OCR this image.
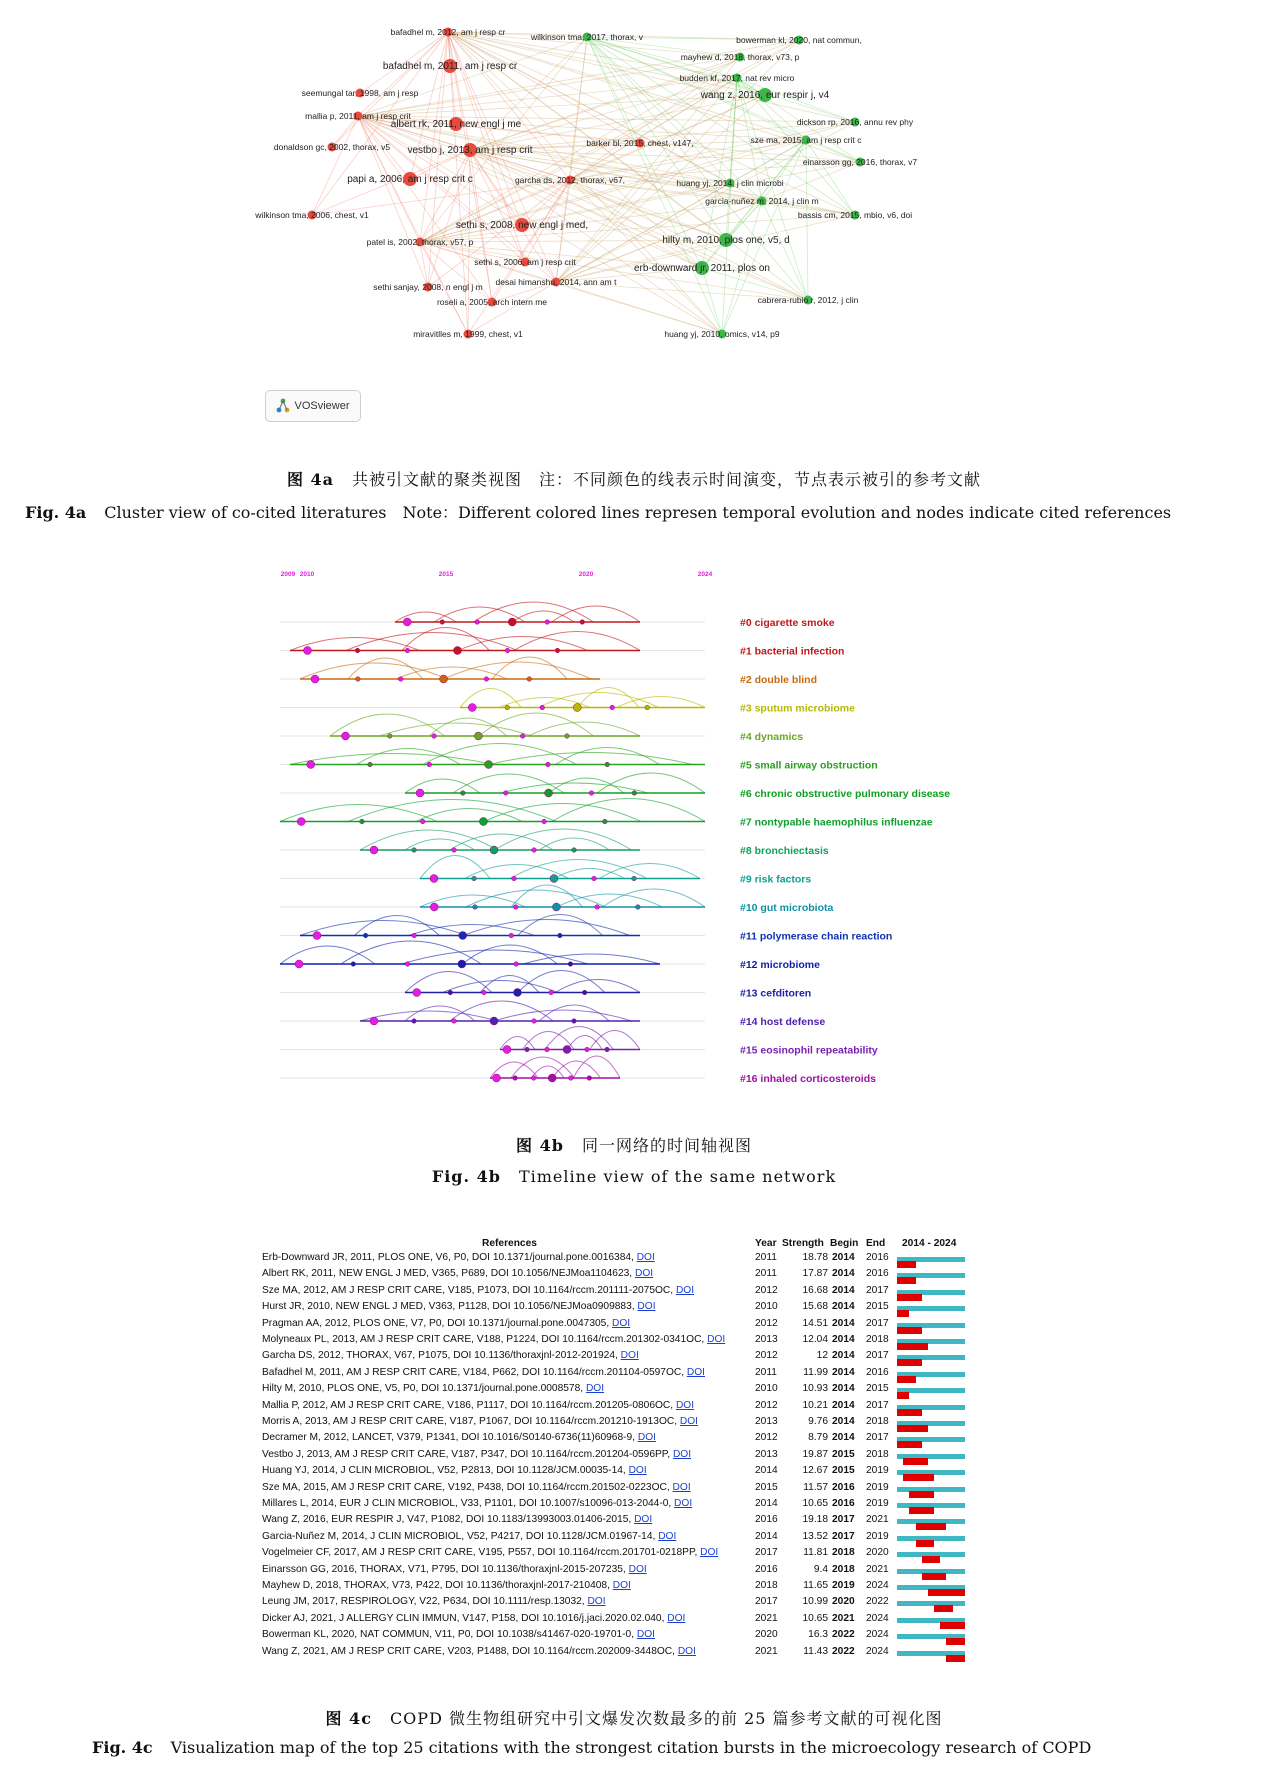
bafadhel m, 2012, am j resp cr
bafadhel m, 2011, am j resp cr
seemungal tar, 1998, am j resp
mallia p, 2011, am j resp crit
albert rk, 2011, new engl j me
donaldson gc, 2002, thorax, v5 vestbo j, 2013, am j resp crit
barker bl, 2015, chest, v147,
papi a, 2006, am j resp crit c	garcha ds, 2012, thorax, v67,
wilkinson tma, 2006, chest, v1
sethi s, 2008, new engl j med,
patel is, 2002, thorax, v57, p
sethi s, 2006, am j resp crit
sethi sanjay, 2008, n engl j m desai himanshu, 2014, ann am t
roseli a, 2005, arch intern me
miravitlles m, 1999, chest, v1
wilkinson tma, 2017, thorax, v	bowerman kl, 2020, nat commun,
mayhew d, 2018, thorax, v73, p
budden kf, 2017, nat rev micro
wang z, 2016, eur respir j, v4
dickson rp, 2016, annu rev phy
sze ma, 2015, am j resp crit c
einarsson gg, 2016, thorax, v7
huang yj, 2014, j clin microbi
garcia-nuñez m, 2014, j clin m
bassis cm, 2015, mbio, v6, doi
hilty m, 2010, plos one, v5, d
erb-downward jr, 2011, plos on
cabrera-rubio r, 2012, j clin
huang yj, 2010, omics, v14, p9
VOSviewer
图 4a 共被引文献的聚类视图　注：不同颜色的线表示时间演变，节点表示被引的参考文献
Fig. 4a Cluster view of co-cited literatures　Note：Different colored lines represen temporal evolution and nodes indicate cited references
2009 2010	2015	2020	2024
#0 cigarette smoke
#1 bacterial infection
#2 double blind
#3 sputum microbiome
#4 dynamics
#5 small airway obstruction
#6 chronic obstructive pulmonary disease
#7 nontypable haemophilus influenzae
#8 bronchiectasis
#9 risk factors
#10 gut microbiota
#11 polymerase chain reaction
#12 microbiome
#13 cefditoren
#14 host defense
#15 eosinophil repeatability
#16 inhaled corticosteroids
图 4b 同一网络的时间轴视图
Fig. 4b Timeline view of the same network
References	Year Strength Begin End 2014 - 2024
Erb-Downward JR, 2011, PLOS ONE, V6, P0, DOI 10.1371/journal.pone.0016384, DOI	2011	18.78 2014 2016
Albert RK, 2011, NEW ENGL J MED, V365, P689, DOI 10.1056/NEJMoa1104623, DOI	2011	17.87 2014 2016
Sze MA, 2012, AM J RESP CRIT CARE, V185, P1073, DOI 10.1164/rccm.201111-2075OC, DOI	2012	16.68 2014 2017
Hurst JR, 2010, NEW ENGL J MED, V363, P1128, DOI 10.1056/NEJMoa0909883, DOI	2010	15.68 2014 2015
Pragman AA, 2012, PLOS ONE, V7, P0, DOI 10.1371/journal.pone.0047305, DOI	2012	14.51 2014 2017
Molyneaux PL, 2013, AM J RESP CRIT CARE, V188, P1224, DOI 10.1164/rccm.201302-0341OC, DOI	2013	12.04 2014 2018
Garcha DS, 2012, THORAX, V67, P1075, DOI 10.1136/thoraxjnl-2012-201924, DOI	2012	12 2014 2017
Bafadhel M, 2011, AM J RESP CRIT CARE, V184, P662, DOI 10.1164/rccm.201104-0597OC, DOI	2011	11.99 2014 2016
Hilty M, 2010, PLOS ONE, V5, P0, DOI 10.1371/journal.pone.0008578, DOI	2010	10.93 2014 2015
Mallia P, 2012, AM J RESP CRIT CARE, V186, P1117, DOI 10.1164/rccm.201205-0806OC, DOI	2012	10.21 2014 2017
Morris A, 2013, AM J RESP CRIT CARE, V187, P1067, DOI 10.1164/rccm.201210-1913OC, DOI	2013	9.76 2014 2018
Decramer M, 2012, LANCET, V379, P1341, DOI 10.1016/S0140-6736(11)60968-9, DOI	2012	8.79 2014 2017
Vestbo J, 2013, AM J RESP CRIT CARE, V187, P347, DOI 10.1164/rccm.201204-0596PP, DOI	2013	19.87 2015 2018
Huang YJ, 2014, J CLIN MICROBIOL, V52, P2813, DOI 10.1128/JCM.00035-14, DOI	2014	12.67 2015 2019
Sze MA, 2015, AM J RESP CRIT CARE, V192, P438, DOI 10.1164/rccm.201502-0223OC, DOI	2015	11.57 2016 2019
Millares L, 2014, EUR J CLIN MICROBIOL, V33, P1101, DOI 10.1007/s10096-013-2044-0, DOI	2014	10.65 2016 2019
Wang Z, 2016, EUR RESPIR J, V47, P1082, DOI 10.1183/13993003.01406-2015, DOI	2016	19.18 2017 2021
Garcia-Nuñez M, 2014, J CLIN MICROBIOL, V52, P4217, DOI 10.1128/JCM.01967-14, DOI	2014	13.52 2017 2019
Vogelmeier CF, 2017, AM J RESP CRIT CARE, V195, P557, DOI 10.1164/rccm.201701-0218PP, DOI	2017	11.81 2018 2020
Einarsson GG, 2016, THORAX, V71, P795, DOI 10.1136/thoraxjnl-2015-207235, DOI	2016	9.4 2018 2021
Mayhew D, 2018, THORAX, V73, P422, DOI 10.1136/thoraxjnl-2017-210408, DOI	2018	11.65 2019 2024
Leung JM, 2017, RESPIROLOGY, V22, P634, DOI 10.1111/resp.13032, DOI	2017	10.99 2020 2022
Dicker AJ, 2021, J ALLERGY CLIN IMMUN, V147, P158, DOI 10.1016/j.jaci.2020.02.040, DOI	2021	10.65 2021 2024
Bowerman KL, 2020, NAT COMMUN, V11, P0, DOI 10.1038/s41467-020-19701-0, DOI	2020	16.3 2022 2024
Wang Z, 2021, AM J RESP CRIT CARE, V203, P1488, DOI 10.1164/rccm.202009-3448OC, DOI	2021	11.43 2022 2024
图 4c COPD 微生物组研究中引文爆发次数最多的前 25 篇参考文献的可视化图
Fig. 4c Visualization map of the top 25 citations with the strongest citation bursts in the microecology research of COPD
